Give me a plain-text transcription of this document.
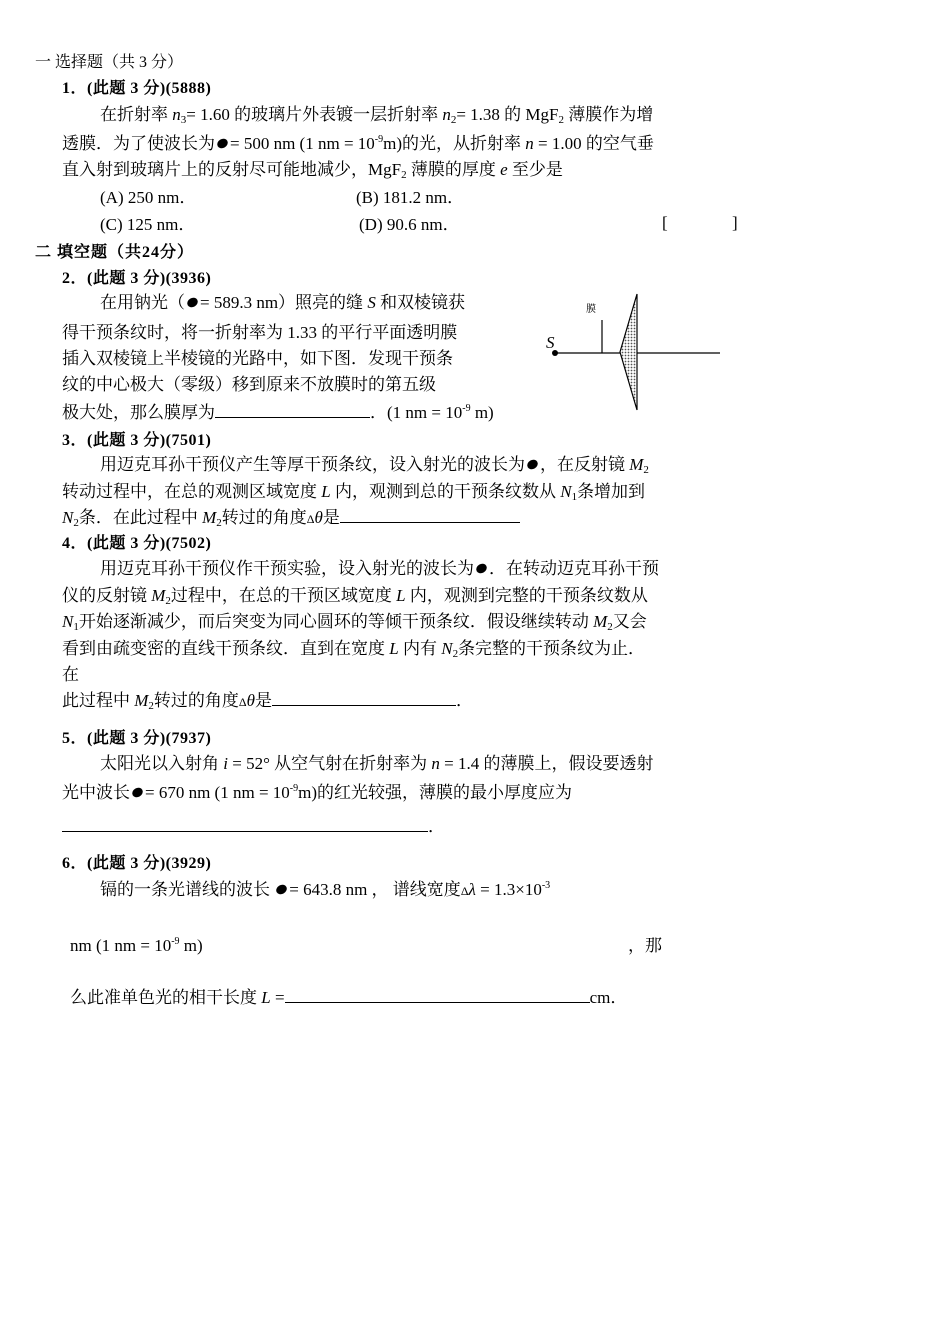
一 选择题（共 3 分）
1．(此题 3 分)(5888)
在折射率 $n_3= 1.60$ 的玻璃片外表镀一层折射率 $n_2= 1.38$ 的 MgF$_2$ 薄膜作为增
透膜．为了使波长为 = 500 nm (1 nm = $10^{-9}m$)的光，从折射率 n = 1.00 的空气垂
直入射到玻璃片上的反射尽可能地减少，MgF$_2$ 薄膜的厚度 e 至少是
(A) 250 nm．	(B) 181.2 nm．
(C) 125 nm．	(D) 90.6 nm．	[	]
二 填空题（共24分）
2．(此题 3 分)(3936)
在用钠光（ = 589.3 nm）照亮的缝 S 和双棱镜获
得干预条纹时，将一折射率为 1.33 的平行平面透明膜
插入双棱镜上半棱镜的光路中，如下图．发现干预条
纹的中心极大（零级）移到原来不放膜时的第五级
极大处，那么膜厚为	．(1 nm = $10^{-9}$ m)
膜
S
3．(此题 3 分)(7501)
用迈克耳孙干预仪产生等厚干预条纹，设入射光的波长为 ，在反射镜 $M_2$
转动过程中，在总的观测区域宽度 L 内，观测到总的干预条纹数从 $N_1$条增加到
$N_2$条．在此过程中 $M_2$转过的角度Δθ是
4．(此题 3 分)(7502)
用迈克耳孙干预仪作干预实验，设入射光的波长为 ．在转动迈克耳孙干预
仪的反射镜 $M_2$过程中，在总的干预区域宽度 L 内，观测到完整的干预条纹数从
$N_1$开始逐渐减少，而后突变为同心圆环的等倾干预条纹．假设继续转动 $M_2$又会
看到由疏变密的直线干预条纹．直到在宽度 L 内有 $N_2$条完整的干预条纹为止．
在
此过程中 $M_2$转过的角度Δθ是	．
5．(此题 3 分)(7937)
太阳光以入射角 i = 52° 从空气射在折射率为 n = 1.4 的薄膜上，假设要透射
光中波长 = 670 nm (1 nm = $10^{-9}m$)的红光较强，薄膜的最小厚度应为
．
6．(此题 3 分)(3929)
镉的一条光谱线的波长 = 643.8 nm ， 谱线宽度$\Delta\lambda = 1.3\times 10^{-3}$
nm (1 nm = $10^{-9}$ m)	，那
么此准单色光的相干长度 L =	cm．
